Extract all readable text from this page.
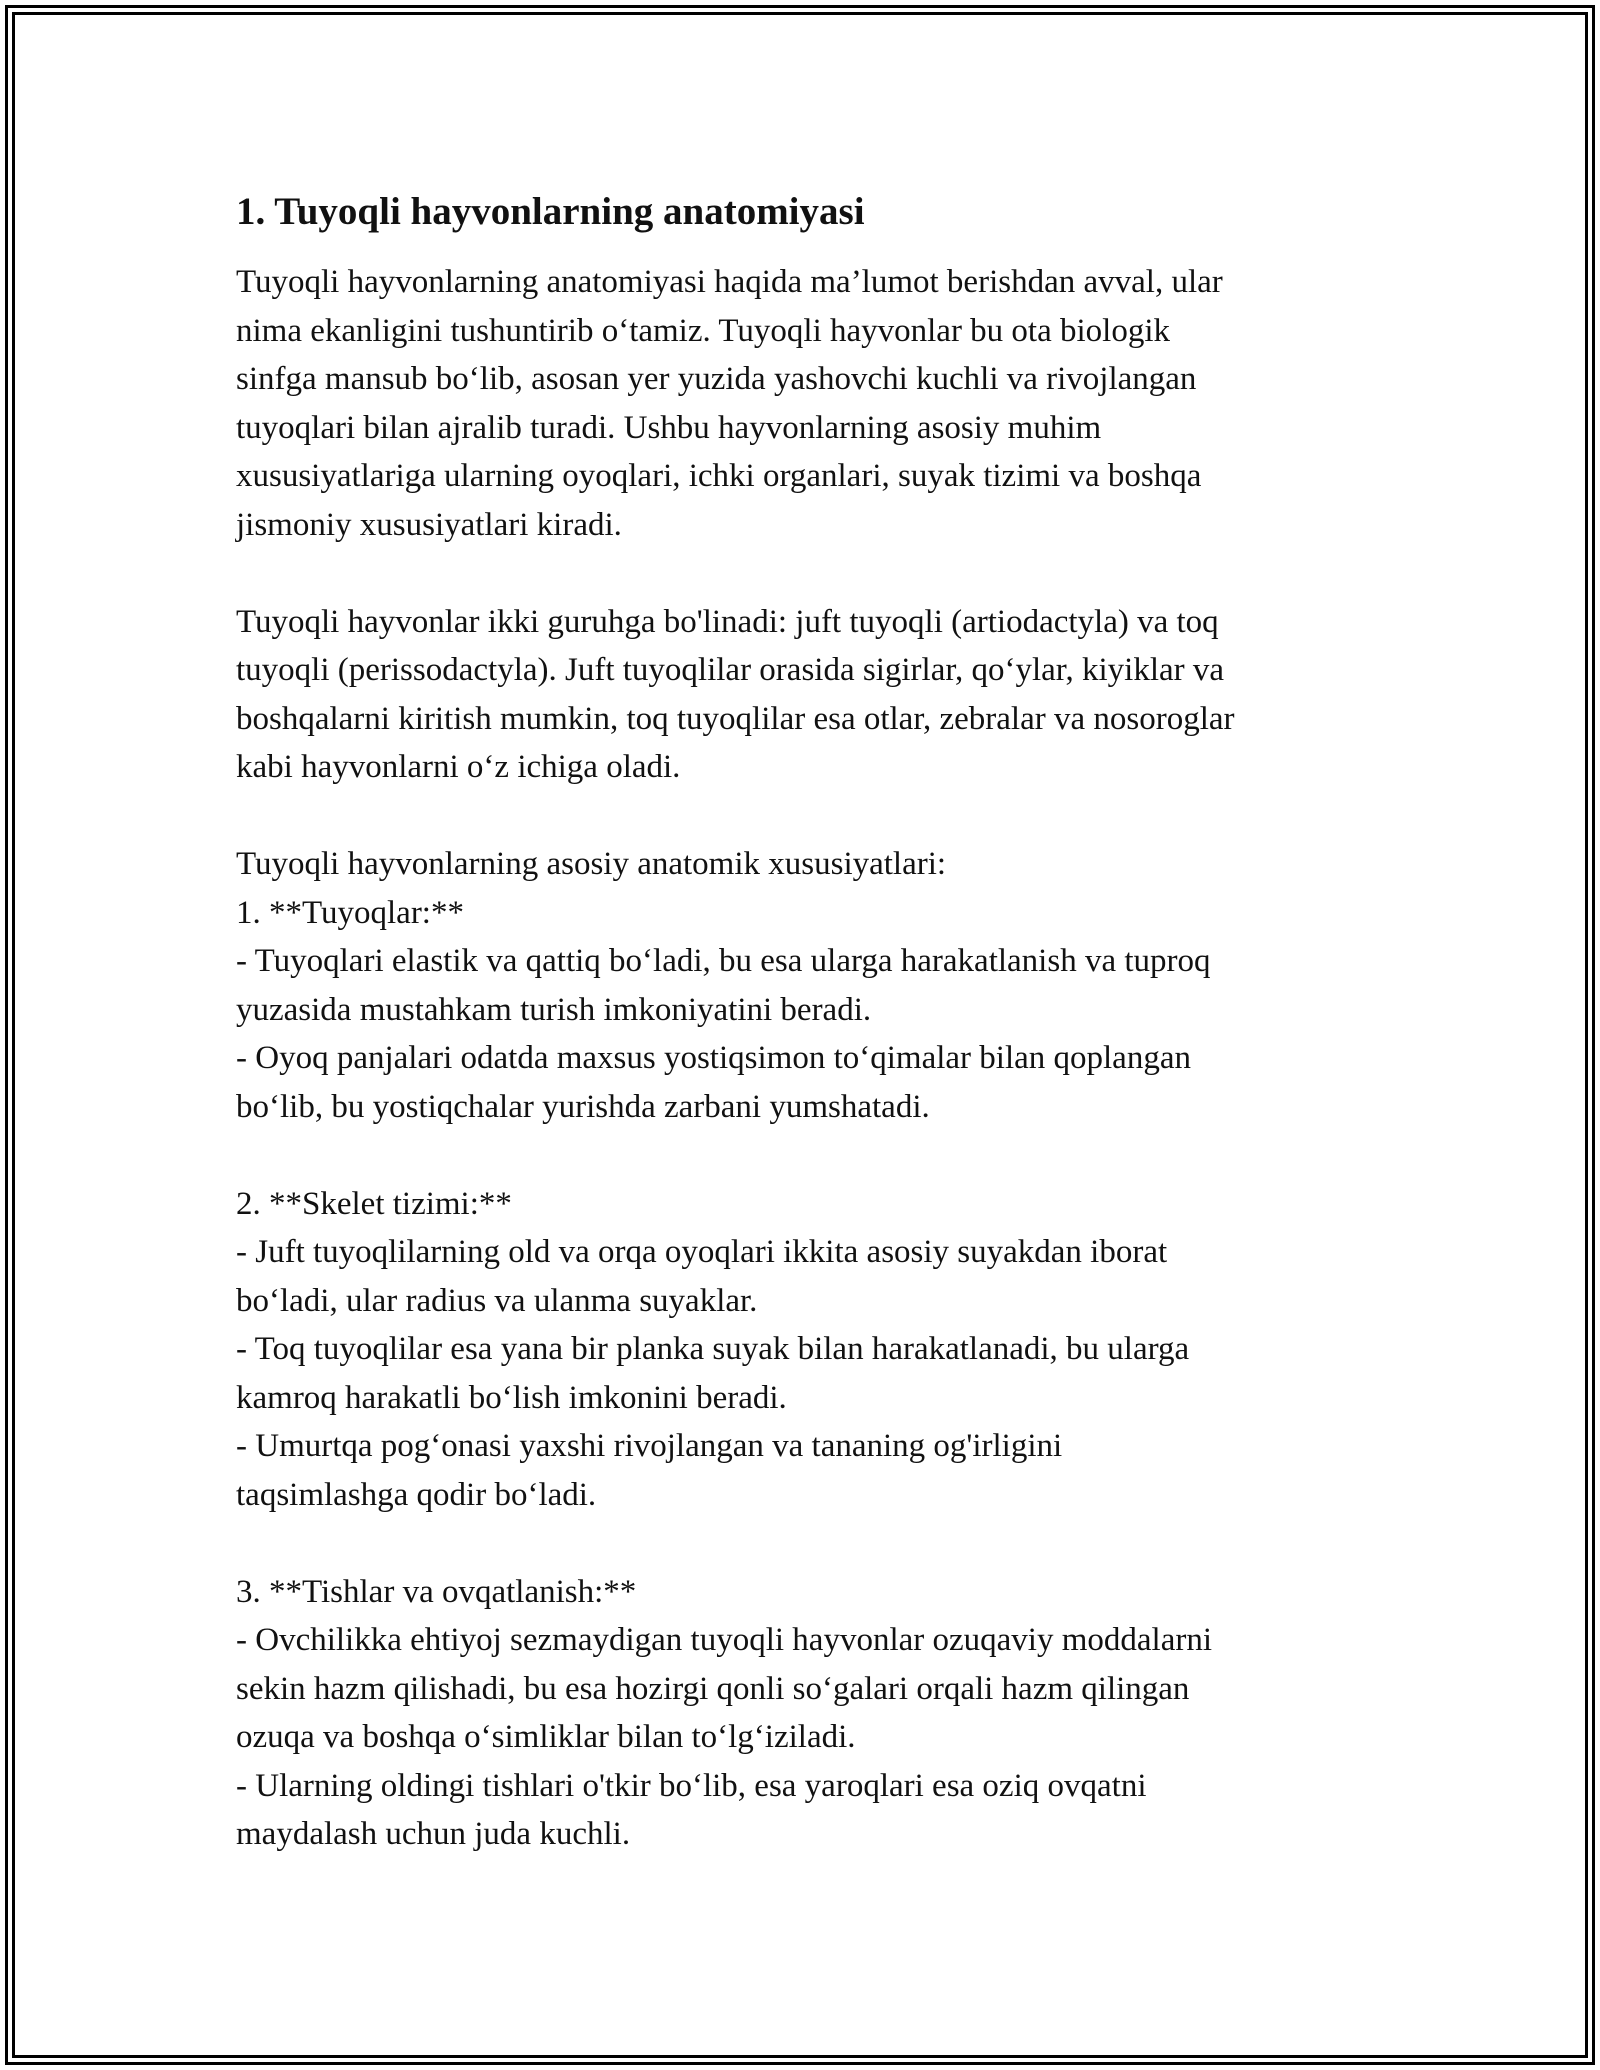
1. Tuyoqli hayvonlarning anatomiyasi

Tuyoqli hayvonlarning anatomiyasi haqida ma’lumot berishdan avval, ular
nima ekanligini tushuntirib o‘tamiz. Tuyoqli hayvonlar bu ota biologik
sinfga mansub bo‘lib, asosan yer yuzida yashovchi kuchli va rivojlangan
tuyoqlari bilan ajralib turadi. Ushbu hayvonlarning asosiy muhim
xususiyatlariga ularning oyoqlari, ichki organlari, suyak tizimi va boshqa
jismoniy xususiyatlari kiradi.

Tuyoqli hayvonlar ikki guruhga bo'linadi: juft tuyoqli (artiodactyla) va toq
tuyoqli (perissodactyla). Juft tuyoqlilar orasida sigirlar, qo‘ylar, kiyiklar va
boshqalarni kiritish mumkin, toq tuyoqlilar esa otlar, zebralar va nosoroglar
kabi hayvonlarni o‘z ichiga oladi.

Tuyoqli hayvonlarning asosiy anatomik xususiyatlari:

1. **Tuyoqlar:**
- Tuyoqlari elastik va qattiq bo‘ladi, bu esa ularga harakatlanish va tuproq
yuzasida mustahkam turish imkoniyatini beradi.
- Oyoq panjalari odatda maxsus yostiqsimon to‘qimalar bilan qoplangan
bo‘lib, bu yostiqchalar yurishda zarbani yumshatadi.

2. **Skelet tizimi:**
- Juft tuyoqlilarning old va orqa oyoqlari ikkita asosiy suyakdan iborat
bo‘ladi, ular radius va ulanma suyaklar.
- Toq tuyoqlilar esa yana bir planka suyak bilan harakatlanadi, bu ularga
kamroq harakatli bo‘lish imkonini beradi.
- Umurtqa pog‘onasi yaxshi rivojlangan va tananing og'irligini
taqsimlashga qodir bo‘ladi.

3. **Tishlar va ovqatlanish:**
- Ovchilikka ehtiyoj sezmaydigan tuyoqli hayvonlar ozuqaviy moddalarni
sekin hazm qilishadi, bu esa hozirgi qonli so‘galari orqali hazm qilingan
ozuqa va boshqa o‘simliklar bilan to‘lg‘iziladi.
- Ularning oldingi tishlari o'tkir bo‘lib, esa yaroqlari esa oziq ovqatni
maydalash uchun juda kuchli.
